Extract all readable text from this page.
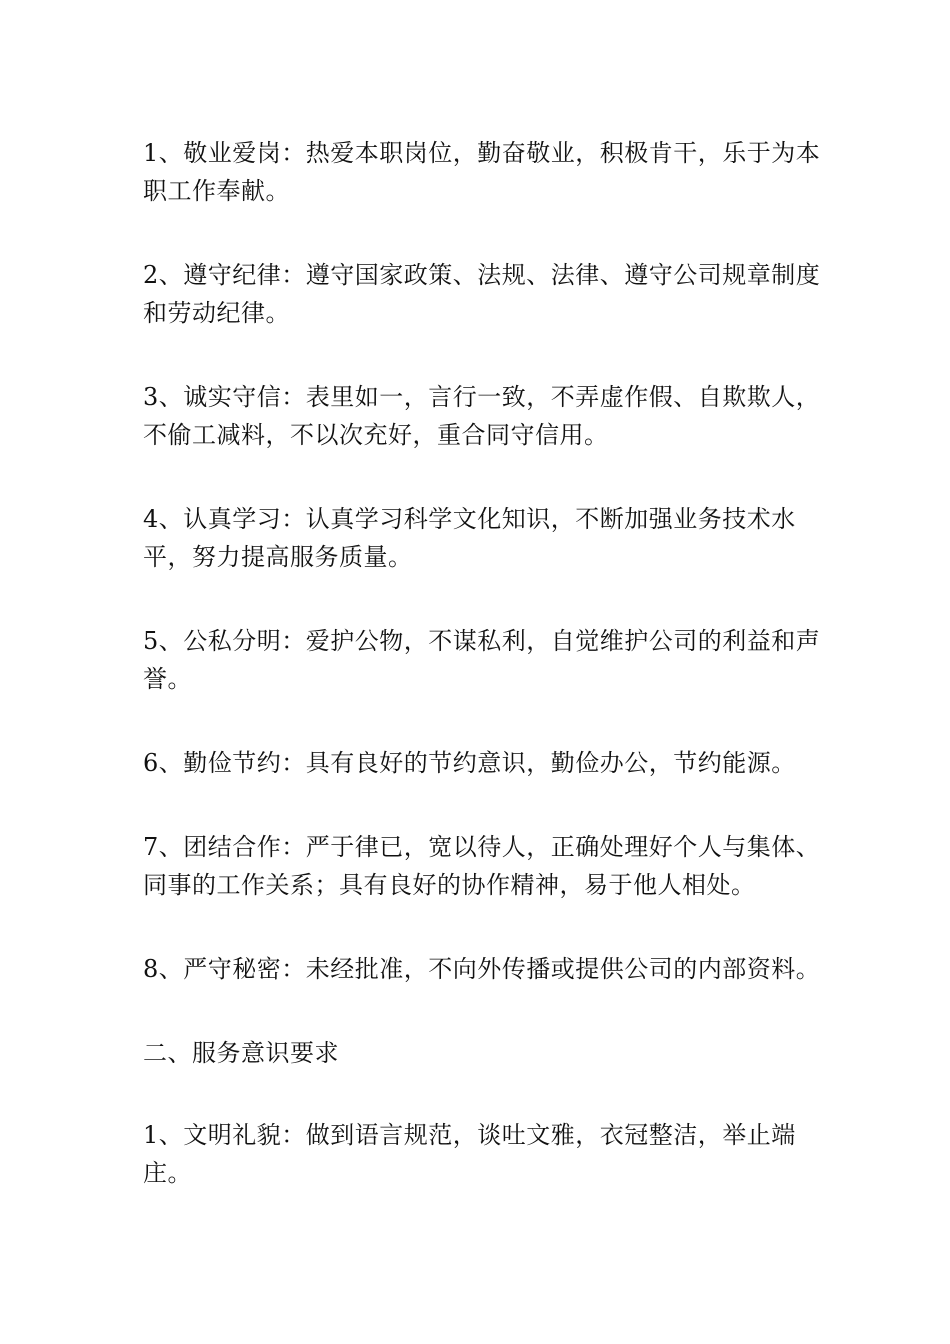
1、敬业爱岗：热爱本职岗位，勤奋敬业，积极肯干，乐于为本职工作奉献。

2、遵守纪律：遵守国家政策、法规、法律、遵守公司规章制度和劳动纪律。

3、诚实守信：表里如一，言行一致，不弄虚作假、自欺欺人，不偷工减料，不以次充好，重合同守信用。

4、认真学习：认真学习科学文化知识，不断加强业务技术水平，努力提高服务质量。

5、公私分明：爱护公物，不谋私利，自觉维护公司的利益和声誉。

6、勤俭节约：具有良好的节约意识，勤俭办公，节约能源。

7、团结合作：严于律已，宽以待人，正确处理好个人与集体、同事的工作关系；具有良好的协作精神，易于他人相处。

8、严守秘密：未经批准，不向外传播或提供公司的内部资料。

二、服务意识要求

1、文明礼貌：做到语言规范，谈吐文雅，衣冠整洁，举止端庄。
